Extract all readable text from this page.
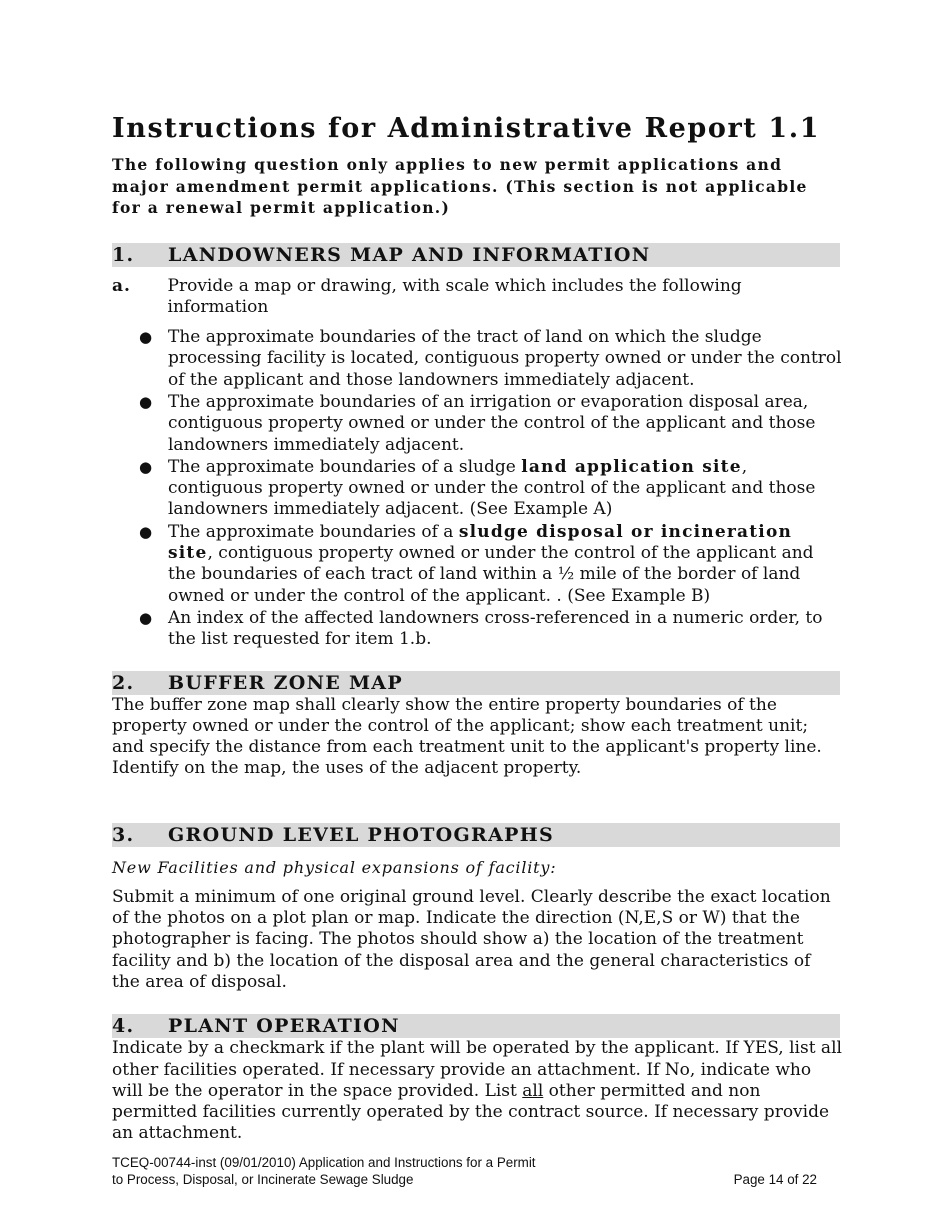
Instructions for Administrative Report 1.1

The following question only applies to new permit applications and major amendment permit applications. (This section is not applicable for a renewal permit application.)

1.	LANDOWNERS MAP AND INFORMATION
a.	Provide a map or drawing, with scale which includes the following information
● The approximate boundaries of the tract of land on which the sludge processing facility is located, contiguous property owned or under the control of the applicant and those landowners immediately adjacent.
● The approximate boundaries of an irrigation or evaporation disposal area, contiguous property owned or under the control of the applicant and those landowners immediately adjacent.
● The approximate boundaries of a sludge land application site, contiguous property owned or under the control of the applicant and those landowners immediately adjacent. (See Example A)
● The approximate boundaries of a sludge disposal or incineration site, contiguous property owned or under the control of the applicant and the boundaries of each tract of land within a ½ mile of the border of land owned or under the control of the applicant. . (See Example B)
● An index of the affected landowners cross-referenced in a numeric order, to the list requested for item 1.b.
2.	BUFFER ZONE MAP

The buffer zone map shall clearly show the entire property boundaries of the property owned or under the control of the applicant; show each treatment unit; and specify the distance from each treatment unit to the applicant's property line. Identify on the map, the uses of the adjacent property.

3.	GROUND LEVEL PHOTOGRAPHS

New Facilities and physical expansions of facility:

Submit a minimum of one original ground level. Clearly describe the exact location of the photos on a plot plan or map. Indicate the direction (N,E,S or W) that the photographer is facing. The photos should show a) the location of the treatment facility and b) the location of the disposal area and the general characteristics of the area of disposal.

4.	PLANT OPERATION

Indicate by a checkmark if the plant will be operated by the applicant. If YES, list all other facilities operated. If necessary provide an attachment. If No, indicate who will be the operator in the space provided. List all other permitted and non permitted facilities currently operated by the contract source. If necessary provide an attachment.

TCEQ-00744-inst (09/01/2010) Application and Instructions for a Permit
to Process, Disposal, or Incinerate Sewage Sludge	Page 14 of 22
